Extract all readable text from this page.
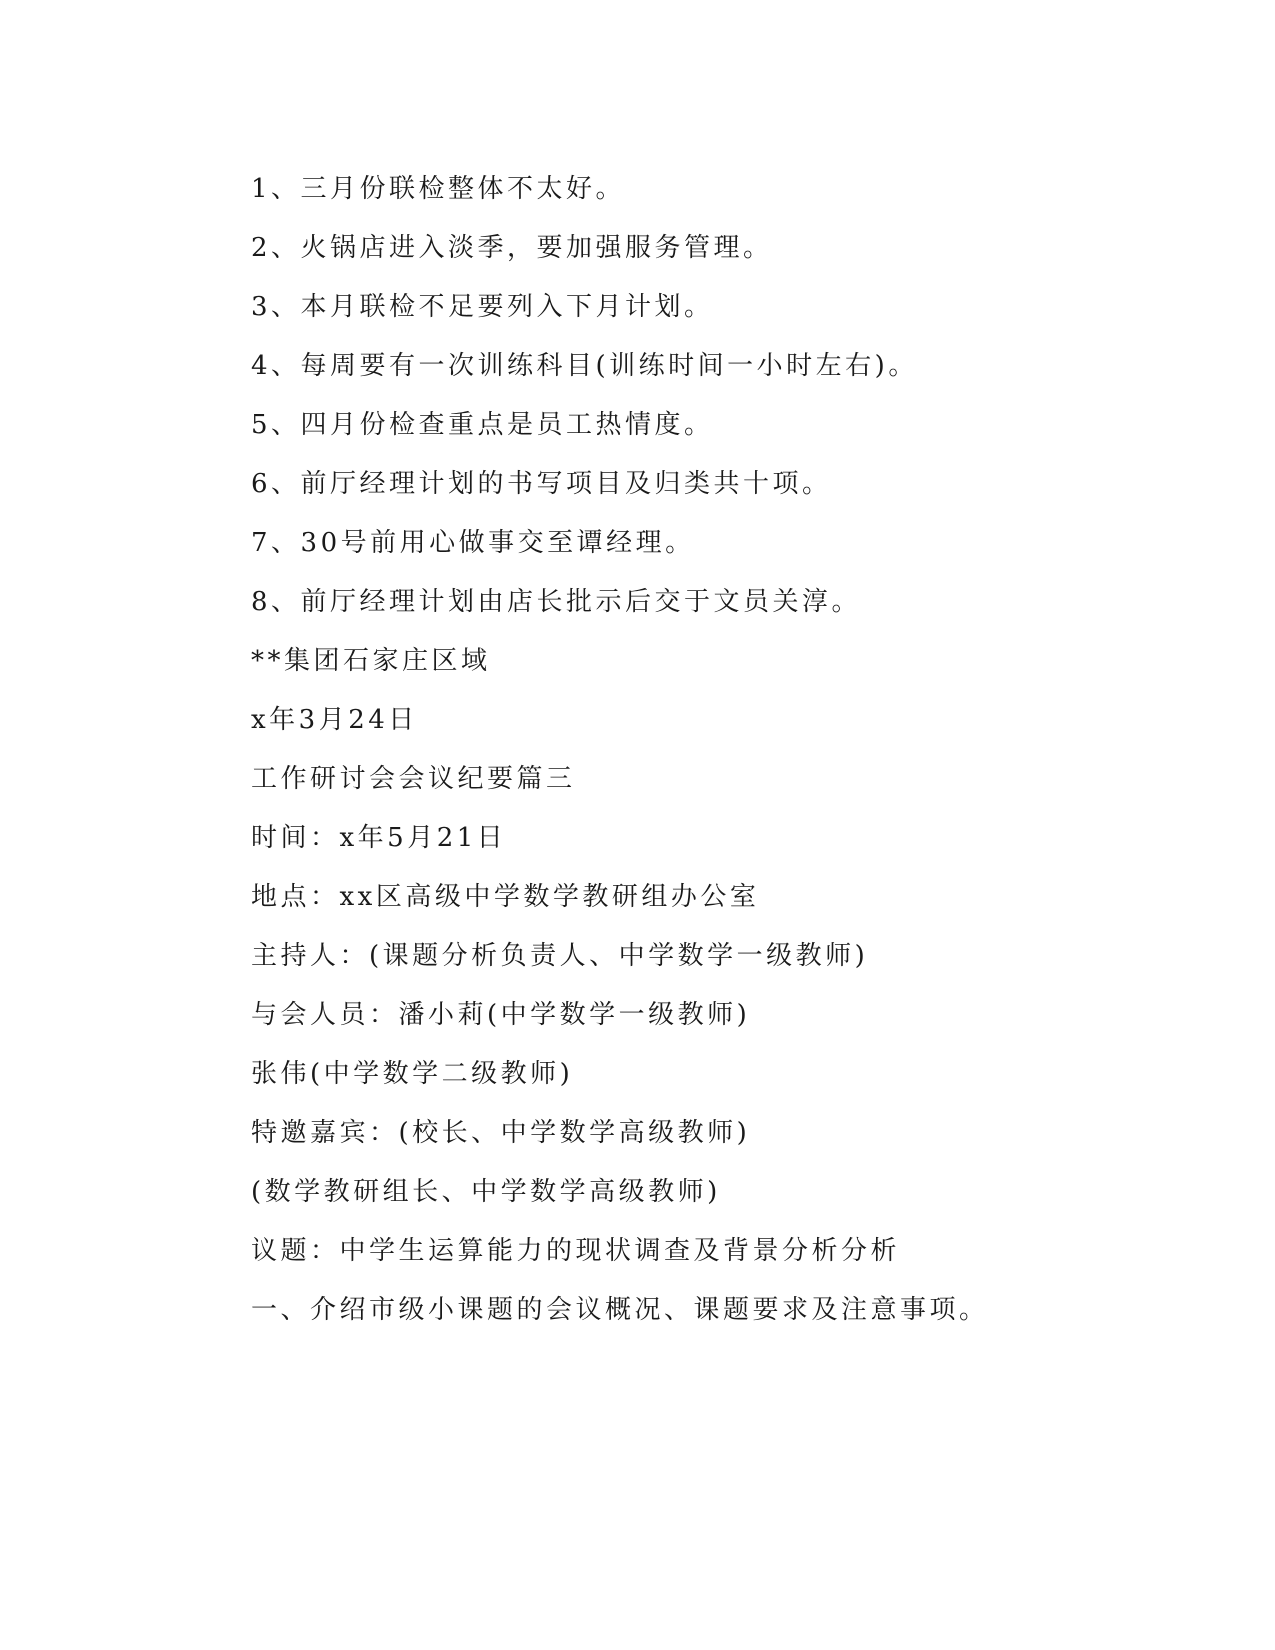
1、三月份联检整体不太好。
2、火锅店进入淡季，要加强服务管理。
3、本月联检不足要列入下月计划。
4、每周要有一次训练科目(训练时间一小时左右)。
5、四月份检查重点是员工热情度。
6、前厅经理计划的书写项目及归类共十项。
7、30号前用心做事交至谭经理。
8、前厅经理计划由店长批示后交于文员关淳。
**集团石家庄区域
x年3月24日
工作研讨会会议纪要篇三
时间：x年5月21日
地点：xx区高级中学数学教研组办公室
主持人：(课题分析负责人、中学数学一级教师)
与会人员：潘小莉(中学数学一级教师)
张伟(中学数学二级教师)
特邀嘉宾：(校长、中学数学高级教师)
(数学教研组长、中学数学高级教师)
议题：中学生运算能力的现状调查及背景分析分析
一、介绍市级小课题的会议概况、课题要求及注意事项。
